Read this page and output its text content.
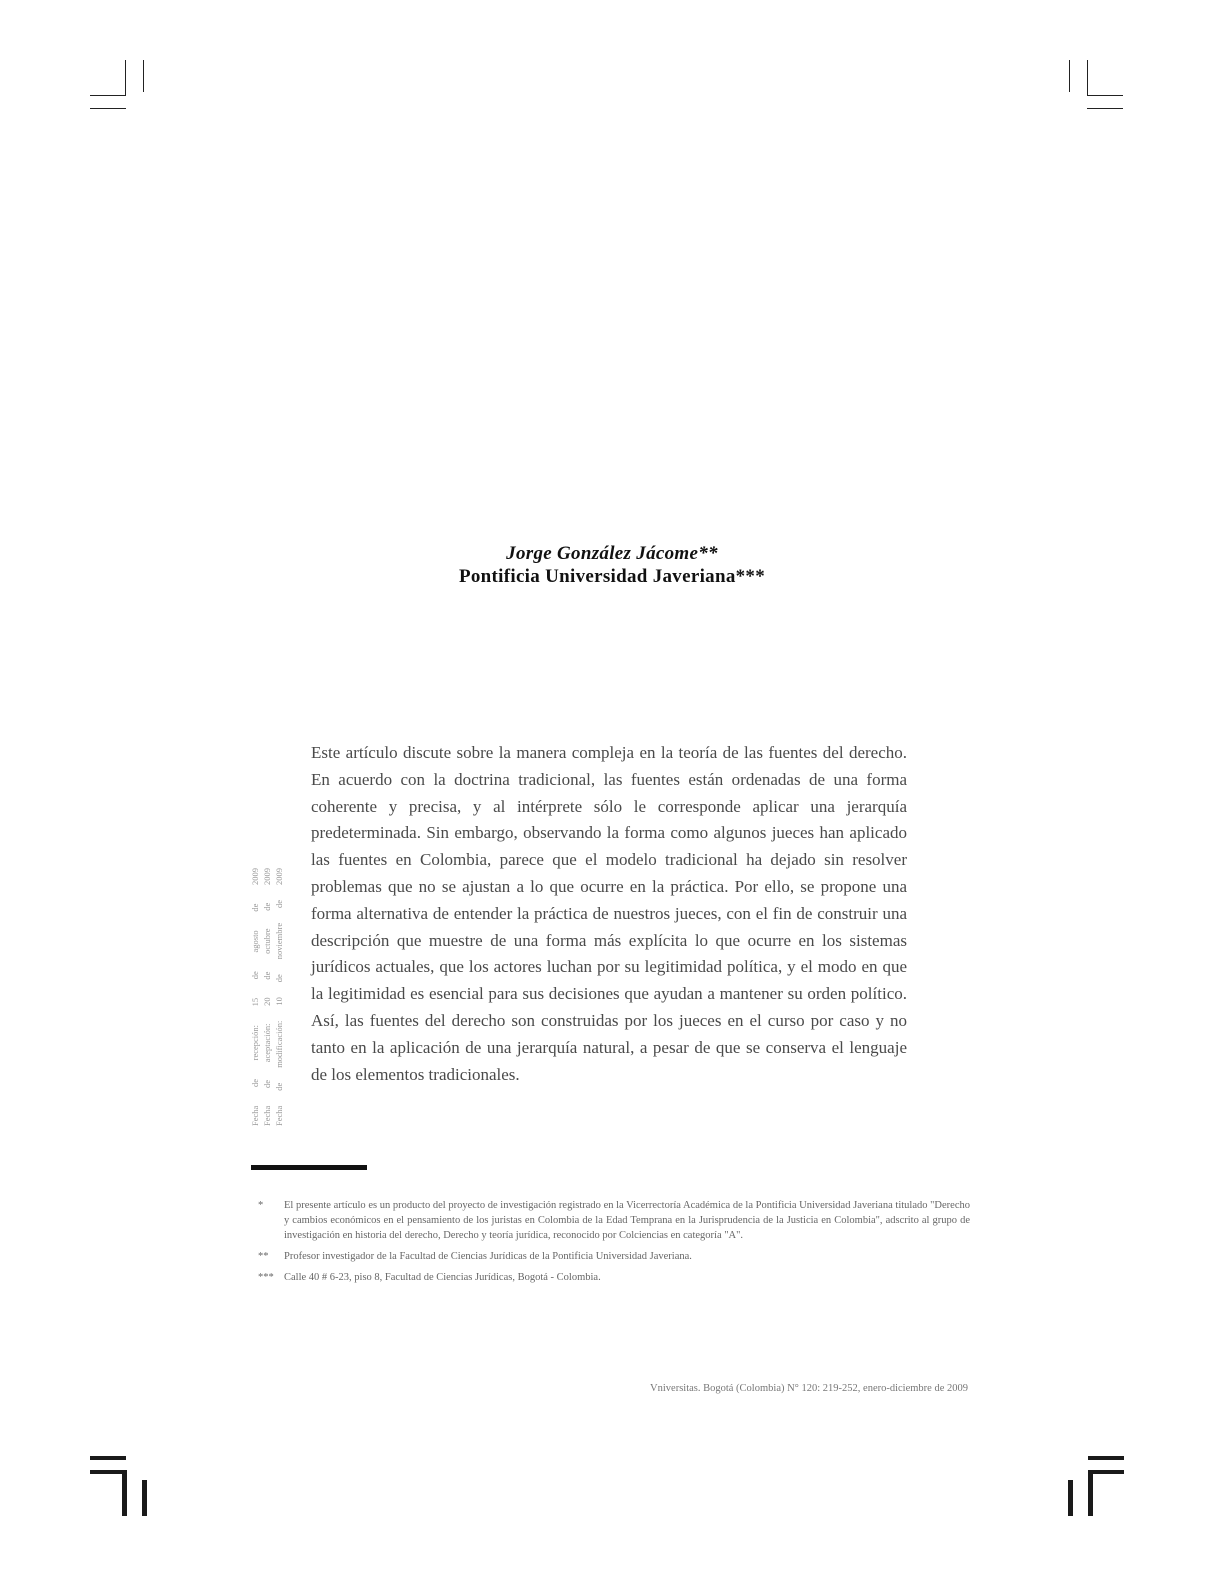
Jorge González Jácome**
Pontificia Universidad Javeriana***
Fecha de recepción: 15 de agosto de 2009 Fecha de aceptación: 20 de octubre de 2009 Fecha de modificación: 10 de noviembre de 2009
Este artículo discute sobre la manera compleja en la teoría de las fuentes del derecho. En acuerdo con la doctrina tradicional, las fuentes están ordenadas de una forma coherente y precisa, y al intérprete sólo le corresponde aplicar una jerarquía predeterminada. Sin embargo, observando la forma como algunos jueces han aplicado las fuentes en Colombia, parece que el modelo tradicional ha dejado sin resolver problemas que no se ajustan a lo que ocurre en la práctica. Por ello, se propone una forma alternativa de entender la práctica de nuestros jueces, con el fin de construir una descripción que muestre de una forma más explícita lo que ocurre en los sistemas jurídicos actuales, que los actores luchan por su legitimidad política, y el modo en que la legitimidad es esencial para sus decisiones que ayudan a mantener su orden político. Así, las fuentes del derecho son construidas por los jueces en el curso por caso y no tanto en la aplicación de una jerarquía natural, a pesar de que se conserva el lenguaje de los elementos tradicionales.
* El presente artículo es un producto del proyecto de investigación registrado en la Vicerrectoría Académica de la Pontificia Universidad Javeriana titulado "Derecho y cambios económicos en el pensamiento de los juristas en Colombia de la Edad Temprana en la Jurisprudencia de la Justicia en Colombia", adscrito al grupo de investigación en historia del derecho, Derecho y teoría jurídica, reconocido por Colciencias en categoría "A".
** Profesor investigador de la Facultad de Ciencias Jurídicas de la Pontificia Universidad Javeriana.
*** Calle 40 # 6-23, piso 8, Facultad de Ciencias Jurídicas, Bogotá - Colombia.
Vniversitas. Bogotá (Colombia) N° 120: 219-252, enero-diciembre de 2009
